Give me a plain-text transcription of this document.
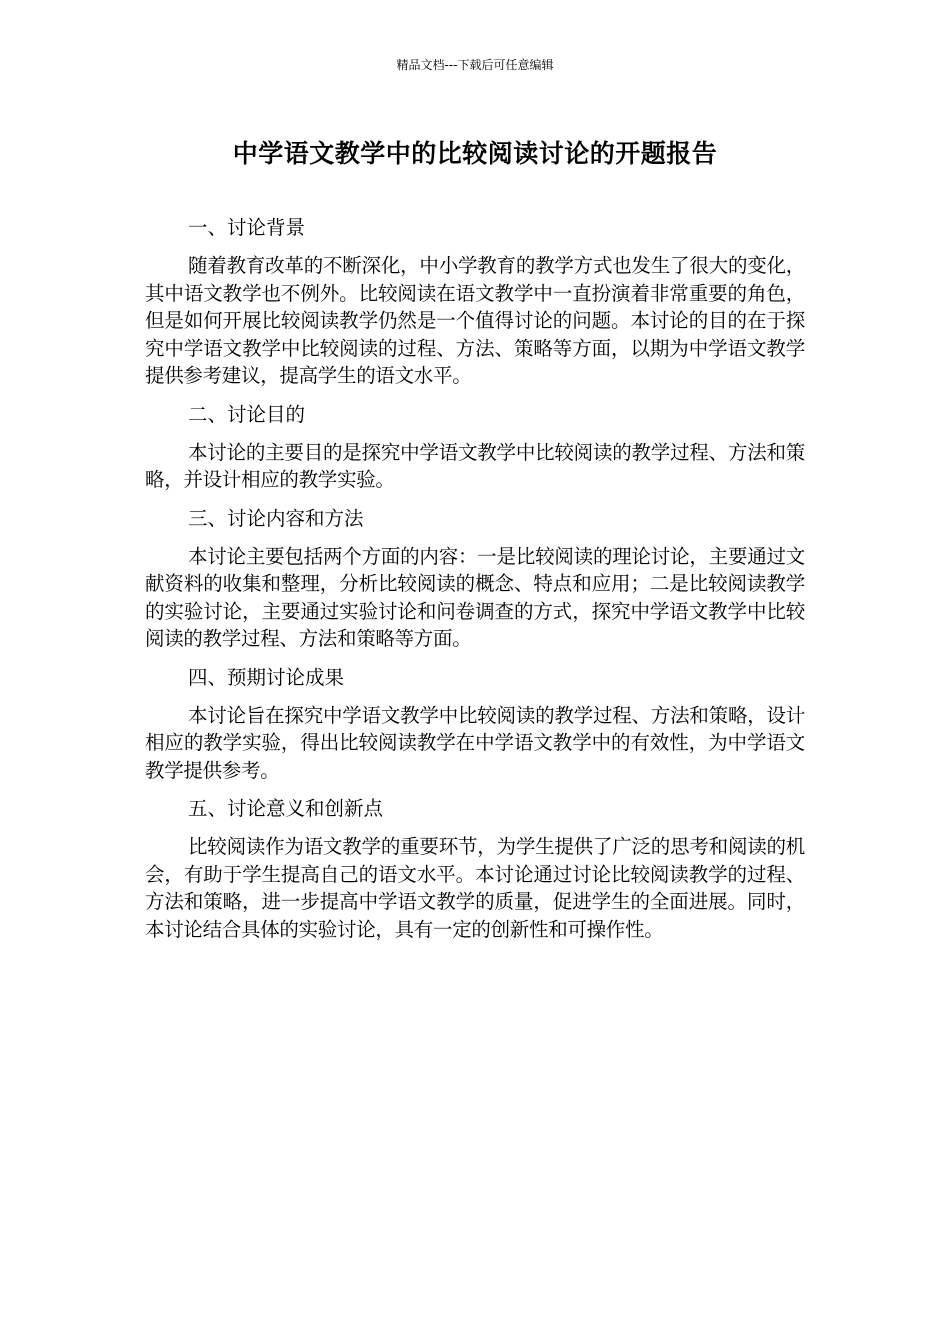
精品文档---下载后可任意编辑
中学语文教学中的比较阅读讨论的开题报告
一、讨论背景

随着教育改革的不断深化，中小学教育的教学方式也发生了很大的变化，其中语文教学也不例外。比较阅读在语文教学中一直扮演着非常重要的角色，但是如何开展比较阅读教学仍然是一个值得讨论的问题。本讨论的目的在于探究中学语文教学中比较阅读的过程、方法、策略等方面，以期为中学语文教学提供参考建议，提高学生的语文水平。

二、讨论目的

本讨论的主要目的是探究中学语文教学中比较阅读的教学过程、方法和策略，并设计相应的教学实验。

三、讨论内容和方法

本讨论主要包括两个方面的内容：一是比较阅读的理论讨论，主要通过文献资料的收集和整理，分析比较阅读的概念、特点和应用；二是比较阅读教学的实验讨论，主要通过实验讨论和问卷调查的方式，探究中学语文教学中比较阅读的教学过程、方法和策略等方面。

四、预期讨论成果

本讨论旨在探究中学语文教学中比较阅读的教学过程、方法和策略，设计相应的教学实验，得出比较阅读教学在中学语文教学中的有效性，为中学语文教学提供参考。

五、讨论意义和创新点

比较阅读作为语文教学的重要环节，为学生提供了广泛的思考和阅读的机会，有助于学生提高自己的语文水平。本讨论通过讨论比较阅读教学的过程、方法和策略，进一步提高中学语文教学的质量，促进学生的全面进展。同时，本讨论结合具体的实验讨论，具有一定的创新性和可操作性。
